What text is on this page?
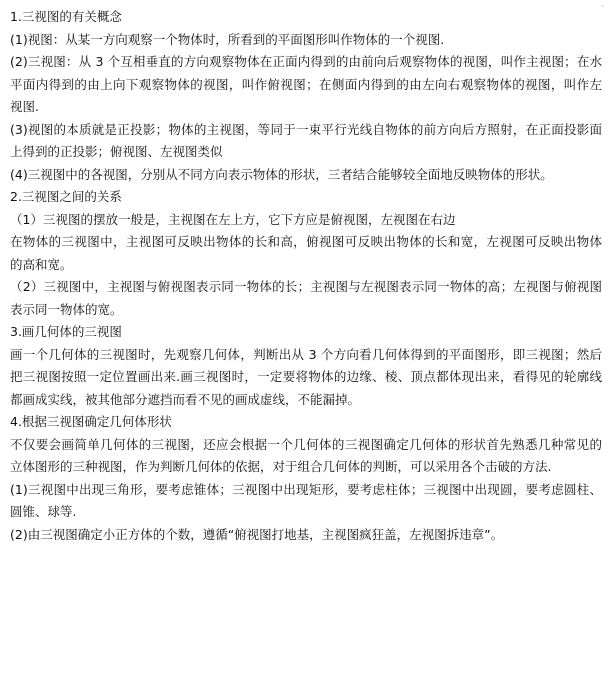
·
1.三视图的有关概念
(1)视图：从某一方向观察一个物体时，所看到的平面图形叫作物体的一个视图.
(2)三视图：从 3 个互相垂直的方向观察物体在正面内得到的由前向后观察物体的视图，叫作主视图；在水
平面内得到的由上向下观察物体的视图，叫作俯视图；在侧面内得到的由左向右观察物体的视图，叫作左
视图.
(3)视图的本质就是正投影；物体的主视图，等同于一束平行光线自物体的前方向后方照射，在正面投影面
上得到的正投影；俯视图、左视图类似
(4)三视图中的各视图，分别从不同方向表示物体的形状，三者结合能够较全面地反映物体的形状。
2.三视图之间的关系
（1）三视图的摆放一般是，主视图在左上方，它下方应是俯视图，左视图在右边
在物体的三视图中，主视图可反映出物体的长和高，俯视图可反映出物体的长和宽，左视图可反映出物体
的高和宽。
（2）三视图中，主视图与俯视图表示同一物体的长；主视图与左视图表示同一物体的高；左视图与俯视图
表示同一物体的宽。
3.画几何体的三视图
画一个几何体的三视图时，先观察几何体，判断出从 3 个方向看几何体得到的平面图形，即三视图；然后
把三视图按照一定位置画出来.画三视图时，一定要将物体的边缘、棱、顶点都体现出来，看得见的轮廓线
都画成实线，被其他部分遮挡而看不见的画成虚线，不能漏掉。
4.根据三视图确定几何体形状
不仅要会画简单几何体的三视图，还应会根据一个几何体的三视图确定几何体的形状首先熟悉几种常见的
立体图形的三种视图，作为判断几何体的依据，对于组合几何体的判断，可以采用各个击破的方法.
(1)三视图中出现三角形，要考虑锥体；三视图中出现矩形，要考虑柱体；三视图中出现圆，要考虑圆柱、
圆锥、球等.
(2)由三视图确定小正方体的个数，遵循“俯视图打地基，主视图疯狂盖，左视图拆违章”。
